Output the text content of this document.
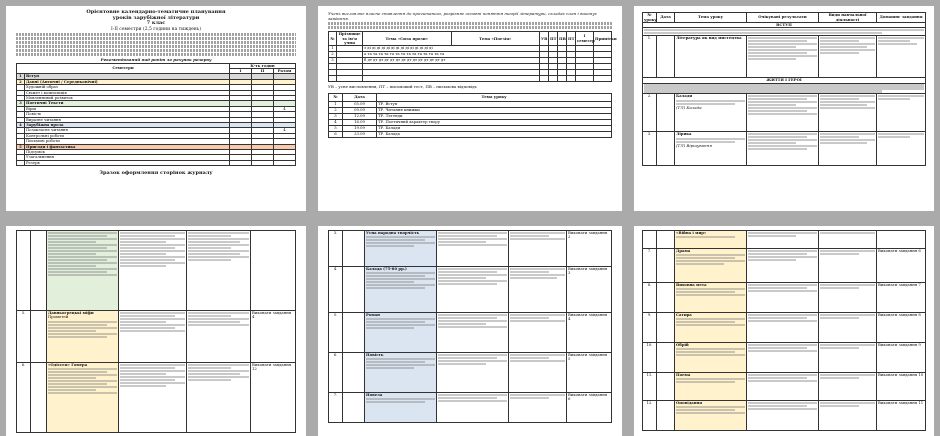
Орієнтовне календарно-тематичне планування
уроків зарубіжної літератури
7 клас
І-ІІ семестри (2,5 години на тиждень)
Рекомендований вид робіт за рахунок резерву
Семестри		К-ть годин		
		I	II	Разом
1	Вступ			
2	Давні (Античні / Середньовічні)			
	Художній образ			
	Сюжет і композиція			
	Мовленнєвий розвиток			
3	Поетичні Тексти			
	Вірш			4
	Повість			
	Виразне читання			
4	Зарубіжна проза			
	Позакласне читання			4
	Контрольні роботи			
	Письмові роботи			
5	Пригоди і фантастика			
	Підсумок			
	Узагальнення			
	Резерв			
Зразок оформлення сторінок журналу
Учень висловлює власне ставлення до прочитаного, розрізняє основні поняття теорії літератури, складає план і виконує завдання.
№	Прізвище та ім'я учня	Тема «Сила прози»	Тема «Поезія»	УВ	ПТ	ПВ	ПТ	І семестр	Примітки
1		з ді ді ді ді ді ді ді ді ді ді ді ді ді ді							
2		а та та та та та та та та та та та та та та							
3		б дт дт дт дт дт дт дт дт дт дт дт дт дт дт							

УВ – усне висловлення, ПТ – письмовий тест, ПВ – письмова відповідь
№	Дата	Тема уроку
1	05.09	ТР. Вступ
2	09.09	ТР. Читання книжки
3	12.09	ТР. Легенди
4	16.09	ТР. Поетичний характер твору
5	19.09	ТР. Балади
6	23.09	ТР. Балада
№ уроку	Дата	Тема уроку	Очікувані результати	Види навчальної діяльності	Домашнє завдання
ВСТУП					

1.		Література як вид мистецтва	

ЖИТТЯ І ГЕРОЇ					

2.		Балади
(ТЛ) Балада			

3.		Лірика
(ТЛ) Віршування			

5.		Давньогрецькі міфи
Прометей			Виконати завдання 4
6.		«Одіссея» Гомера			Виконати завдання 12
3.		Усна народна творчість			Виконати завдання 2
4.		Балада (75-80 рр.)			Виконати завдання 3
5.		Роман			Виконати завдання 4
6.		Повість			Виконати завдання 5
7.		Новела			Виконати завдання 6

		«Війна і мир»			

7.		Драма			Виконати завдання 6
8.		Виховна мета			Виконати завдання 7
9.		Сатира			Виконати завдання 8
10.		Обрій			Виконати завдання 9
11.		Поема			Виконати завдання 10
12.		Оповідання			Виконати завдання 11
